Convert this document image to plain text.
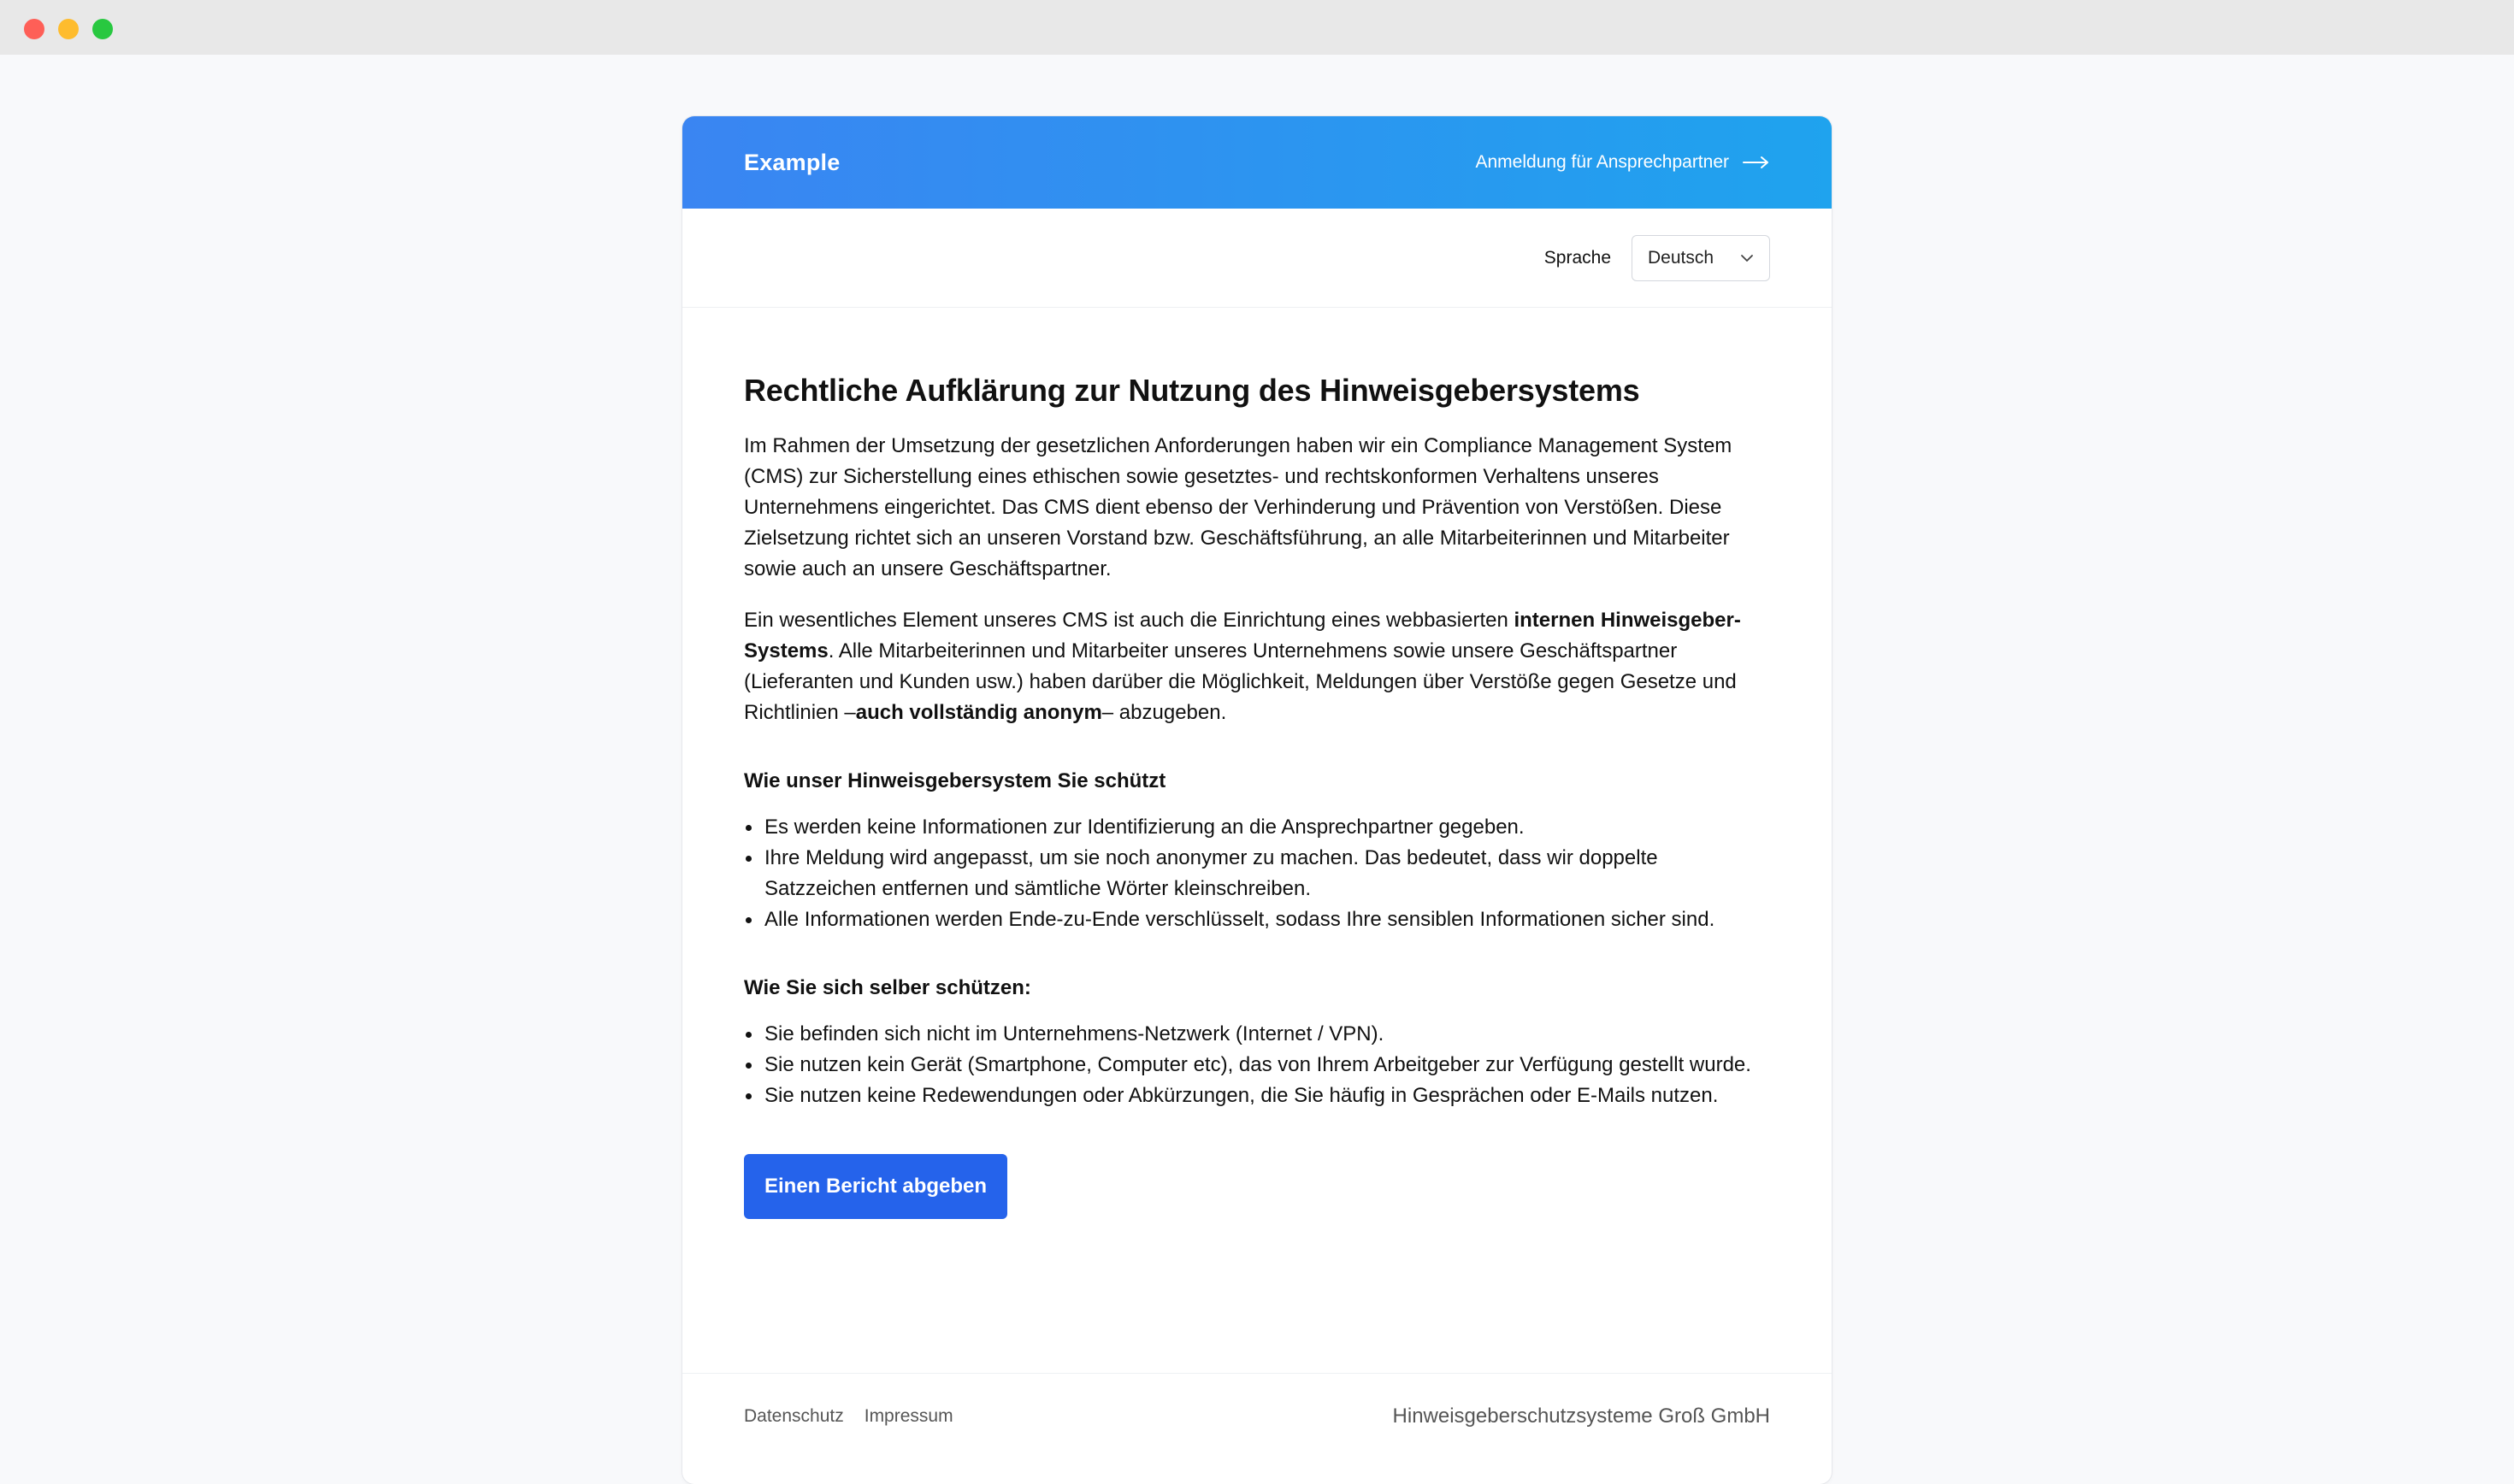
Example	Anmeldung für Ansprechpartner
Sprache Deutsch
Rechtliche Aufklärung zur Nutzung des Hinweisgebersystems

Im Rahmen der Umsetzung der gesetzlichen Anforderungen haben wir ein Compliance Management System (CMS) zur Sicherstellung eines ethischen sowie gesetztes- und rechtskonformen Verhaltens unseres Unternehmens eingerichtet. Das CMS dient ebenso der Verhinderung und Prävention von Verstößen. Diese Zielsetzung richtet sich an unseren Vorstand bzw. Geschäftsführung, an alle Mitarbeiterinnen und Mitarbeiter sowie auch an unsere Geschäftspartner.

Ein wesentliches Element unseres CMS ist auch die Einrichtung eines webbasierten internen Hinweisgeber-Systems. Alle Mitarbeiterinnen und Mitarbeiter unseres Unternehmens sowie unsere Geschäftspartner (Lieferanten und Kunden usw.) haben darüber die Möglichkeit, Meldungen über Verstöße gegen Gesetze und Richtlinien –auch vollständig anonym– abzugeben.

Wie unser Hinweisgebersystem Sie schützt
Es werden keine Informationen zur Identifizierung an die Ansprechpartner gegeben.
Ihre Meldung wird angepasst, um sie noch anonymer zu machen. Das bedeutet, dass wir doppelte Satzzeichen entfernen und sämtliche Wörter kleinschreiben.
Alle Informationen werden Ende-zu-Ende verschlüsselt, sodass Ihre sensiblen Informationen sicher sind.
Wie Sie sich selber schützen:
Sie befinden sich nicht im Unternehmens-Netzwerk (Internet / VPN).
Sie nutzen kein Gerät (Smartphone, Computer etc), das von Ihrem Arbeitgeber zur Verfügung gestellt wurde.
Sie nutzen keine Redewendungen oder Abkürzungen, die Sie häufig in Gesprächen oder E-Mails nutzen.
Einen Bericht abgeben
Datenschutz Impressum	Hinweisgeberschutzsysteme Groß GmbH
